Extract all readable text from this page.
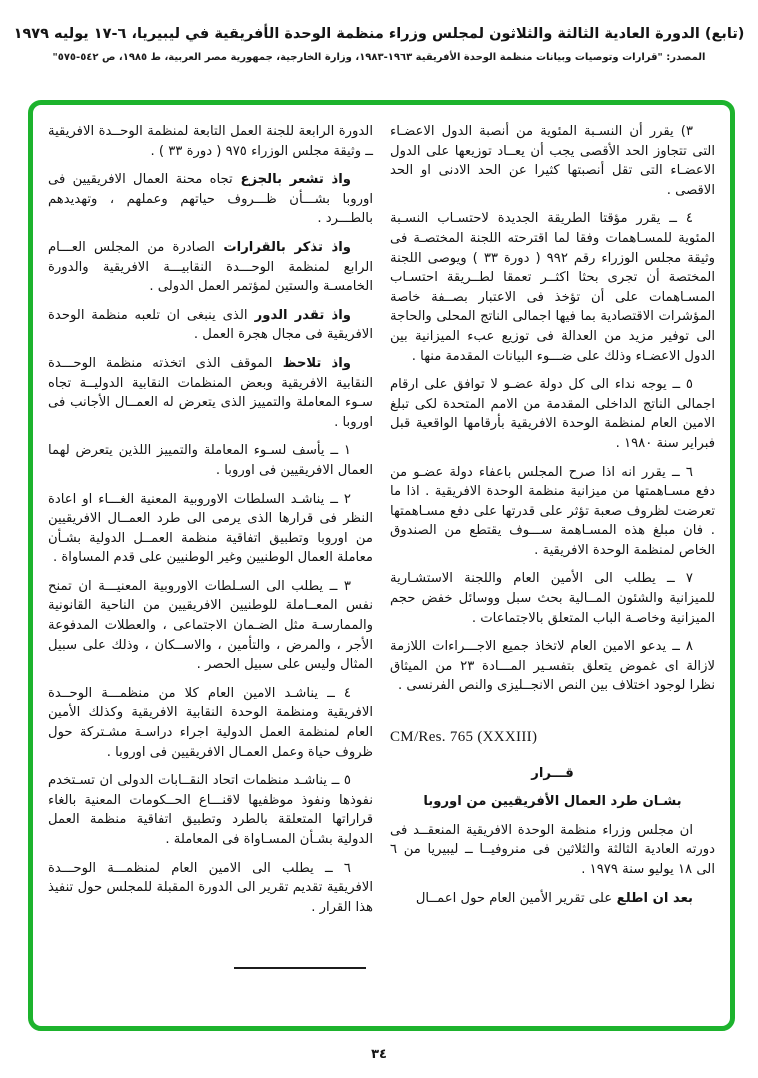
(تابع) الدورة العادية الثالثة والثلاثون لمجلس وزراء منظمة الوحدة الأفريقية في ليبيريا، ٦-١٧ يوليه ١٩٧٩
المصدر: "قرارات وتوصيات وبيانات منظمة الوحدة الأفريقية ١٩٦٣-١٩٨٣، وزارة الخارجية، جمهورية مصر العربية، ط ١٩٨٥، ص ٥٤٢-٥٧٥"

٣) يقرر أن النسـبة المئوية من أنصبة الدول الاعضـاء التى تتجاوز الحد الأقصى يجب أن يعــاد توزيعها على الدول الاعضـاء التى تقل أنصبتها كثيرا عن الحد الادنى او الحد الاقصى .

٤ ــ يقرر مؤقتا الطريقة الجديدة لاحتسـاب النسـبة المئوية للمسـاهمات وفقا لما اقترحته اللجنة المختصـة فى وثيقة مجلس الوزراء رقم ٩٩٢ ( دورة ٣٣ ) ويوصى اللجنة المختصة أن تجرى بحثا اكثــر تعمقا لطــريقة احتسـاب المسـاهمات على أن تؤخذ فى الاعتبار بصــفة خاصة المؤشرات الاقتصادية بما فيها اجمالى الناتج المحلى والحاجة الى توفير مزيد من العدالة فى توزيع عبء الميزانية بين الدول الاعضـاء وذلك على ضـــوء البيانات المقدمة منها .

٥ ــ يوجه نداء الى كل دولة عضـو لا توافق على ارقام اجمالى الناتج الداخلى المقدمة من الامم المتحدة لكى تبلغ الامين العام لمنظمة الوحدة الافريقية بأرقامها الواقعية قبل فبراير سنة ١٩٨٠ .

٦ ــ يقرر انه اذا صرح المجلس باعفاء دولة عضـو من دفع مسـاهمتها من ميزانية منظمة الوحدة الافريقية . اذا ما تعرضت لظروف صعبة تؤثر على قدرتها على دفع مسـاهمتها . فان مبلغ هذه المسـاهمة ســـوف يقتطع من الصندوق الخاص لمنظمة الوحدة الافريقية .

٧ ــ يطلب الى الأمين العام واللجنة الاستشـارية للميزانية والشئون المــالية بحث سبل ووسائل خفض حجم الميزانية وخاصـة الباب المتعلق بالاجتماعات .

٨ ــ يدعو الامين العام لاتخاذ جميع الاجـــراءات اللازمة لازالة اى غموض يتعلق بتفسـير المـــادة ٢٣ من الميثاق نظرا لوجود اختلاف بين النص الانجــليزى والنص الفرنسى .

CM/Res. 765 (XXXIII)

قـــرار

بشـان طرد العمال الأفريقيين من اوروبا

ان مجلس وزراء منظمة الوحدة الافريقية المنعقــد فى دورته العادية الثالثة والثلاثين فى منروفيــا ــ ليبيريا من ٦ الى ١٨ يوليو سنة ١٩٧٩ .

بعد ان اطلع على تقرير الأمين العام حول اعمــال

الدورة الرابعة للجنة العمل التابعة لمنظمة الوحــدة الافريقية ــ وثيقة مجلس الوزراء ٩٧٥ ( دورة ٣٣ ) .

واذ تشعر بالجزع تجاه محنة العمال الافريقيين فى اوروبا بشـــأن ظـــروف حياتهم وعملهم ، وتهديدهم بالطـــرد .

واذ تذكر بالقرارات الصادرة من المجلس العـــام الرابع لمنظمة الوحـــدة النقابيـــة الافريقية والدورة الخامسـة والستين لمؤتمر العمل الدولى .

واذ تقدر الدور الذى ينبغى ان تلعبه منظمة الوحدة الافريقية فى مجال هجرة العمل .

واذ تلاحظ الموقف الذى اتخذته منظمة الوحـــدة النقابية الافريقية وبعض المنظمات النقابية الدوليــة تجاه سـوء المعاملة والتمييز الذى يتعرض له العمــال الأجانب فى اوروبا .

١ ــ يأسف لسـوء المعاملة والتمييز اللذين يتعرض لهما العمال الافريقيين فى اوروبا .

٢ ــ يناشـد السلطات الاوروبية المعنية الغـــاء او اعادة النظر فى قرارها الذى يرمى الى طرد العمــال الافريقيين من اوروبا وتطبيق اتفاقية منظمة العمــل الدولية بشـأن معاملة العمال الوطنيين وغير الوطنيين على قدم المساواة .

٣ ــ يطلب الى السـلطات الاوروبية المعنيـــة ان تمنح نفس المعــاملة للوطنيين الافريقيين من الناحية القانونية والممارسـة مثل الضـمان الاجتماعى ، والعطلات المدفوعة الأجر ، والمرض ، والتأمين ، والاســكان ، وذلك على سبيل المثال وليس على سبيل الحصر .

٤ ــ يناشـد الامين العام كلا من منظمـــة الوحــدة الافريقية ومنظمة الوحدة النقابية الافريقية وكذلك الأمين العام لمنظمة العمل الدولية اجراء دراسـة مشـتركة حول ظروف حياة وعمل العمـال الافريقيين فى اوروبا .

٥ ــ يناشـد منظمات اتحاد النقــابات الدولى ان تسـتخدم نفوذها ونفوذ موظفيها لاقنـــاع الحــكومات المعنية بالغاء قراراتها المتعلقة بالطرد وتطبيق اتفاقية منظمة العمل الدولية بشـأن المسـاواة فى المعاملة .

٦ ــ يطلب الى الامين العام لمنظمـــة الوحـــدة الافريقية تقديم تقرير الى الدورة المقبلة للمجلس حول تنفيذ هذا القرار .

٣٤
